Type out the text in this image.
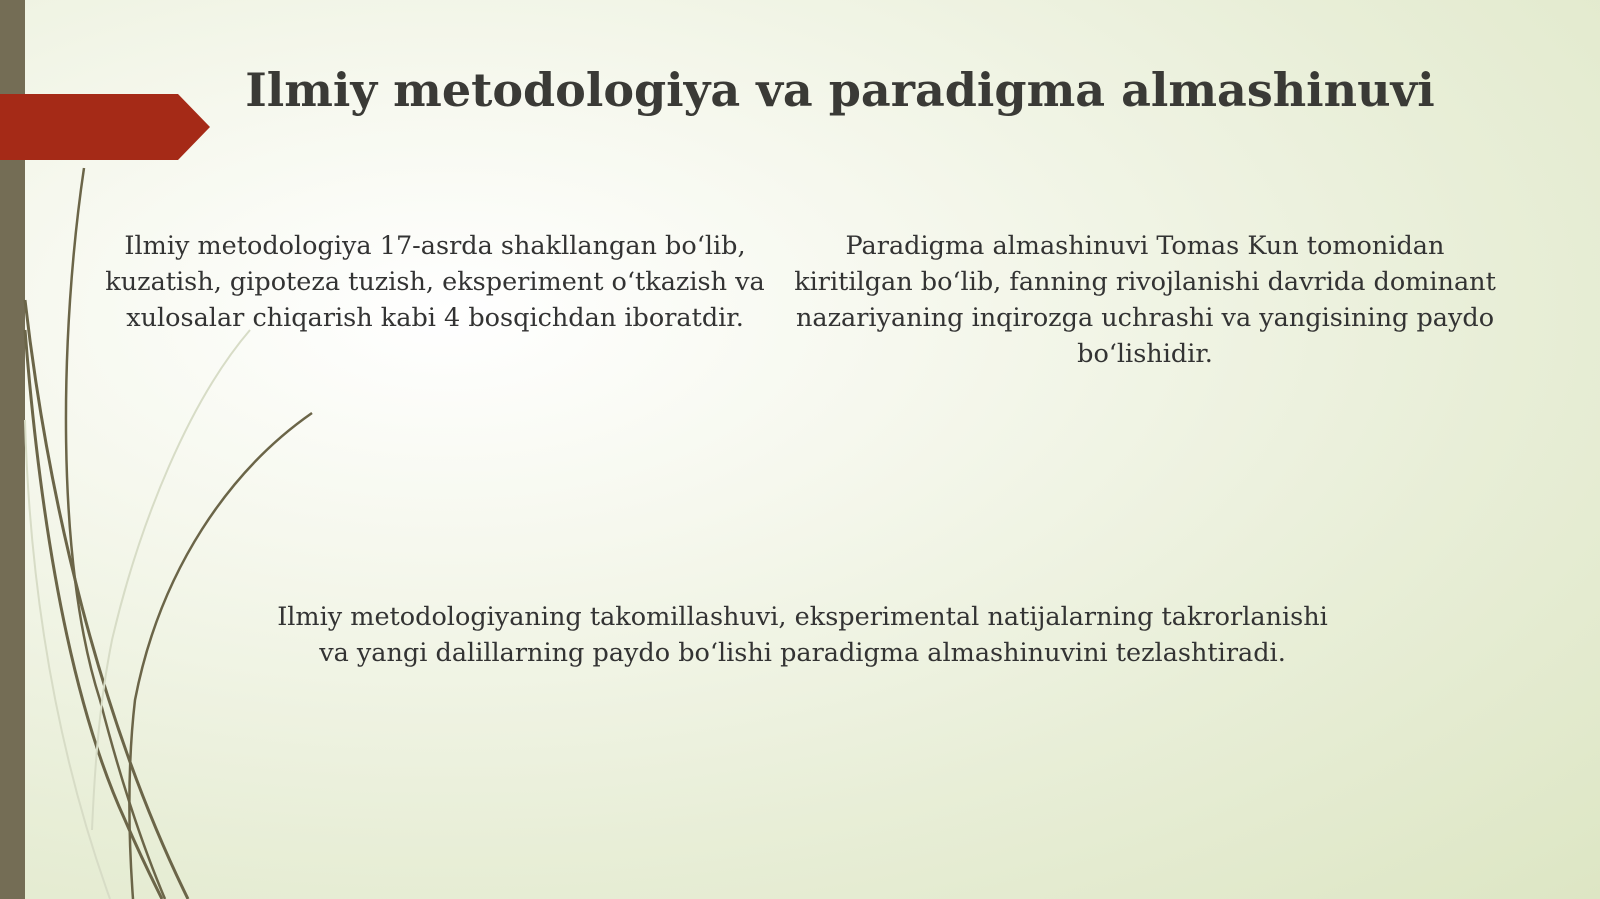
Ilmiy metodologiya va paradigma almashinuvi

Ilmiy metodologiya 17-asrda shakllangan bo‘lib, kuzatish, gipoteza tuzish, eksperiment o‘tkazish va xulosalar chiqarish kabi 4 bosqichdan iboratdir.

Paradigma almashinuvi Tomas Kun tomonidan kiritilgan bo‘lib, fanning rivojlanishi davrida dominant nazariyaning inqirozga uchrashi va yangisining paydo bo‘lishidir.

Ilmiy metodologiyaning takomillashuvi, eksperimental natijalarning takrorlanishi va yangi dalillarning paydo bo‘lishi paradigma almashinuvini tezlashtiradi.
